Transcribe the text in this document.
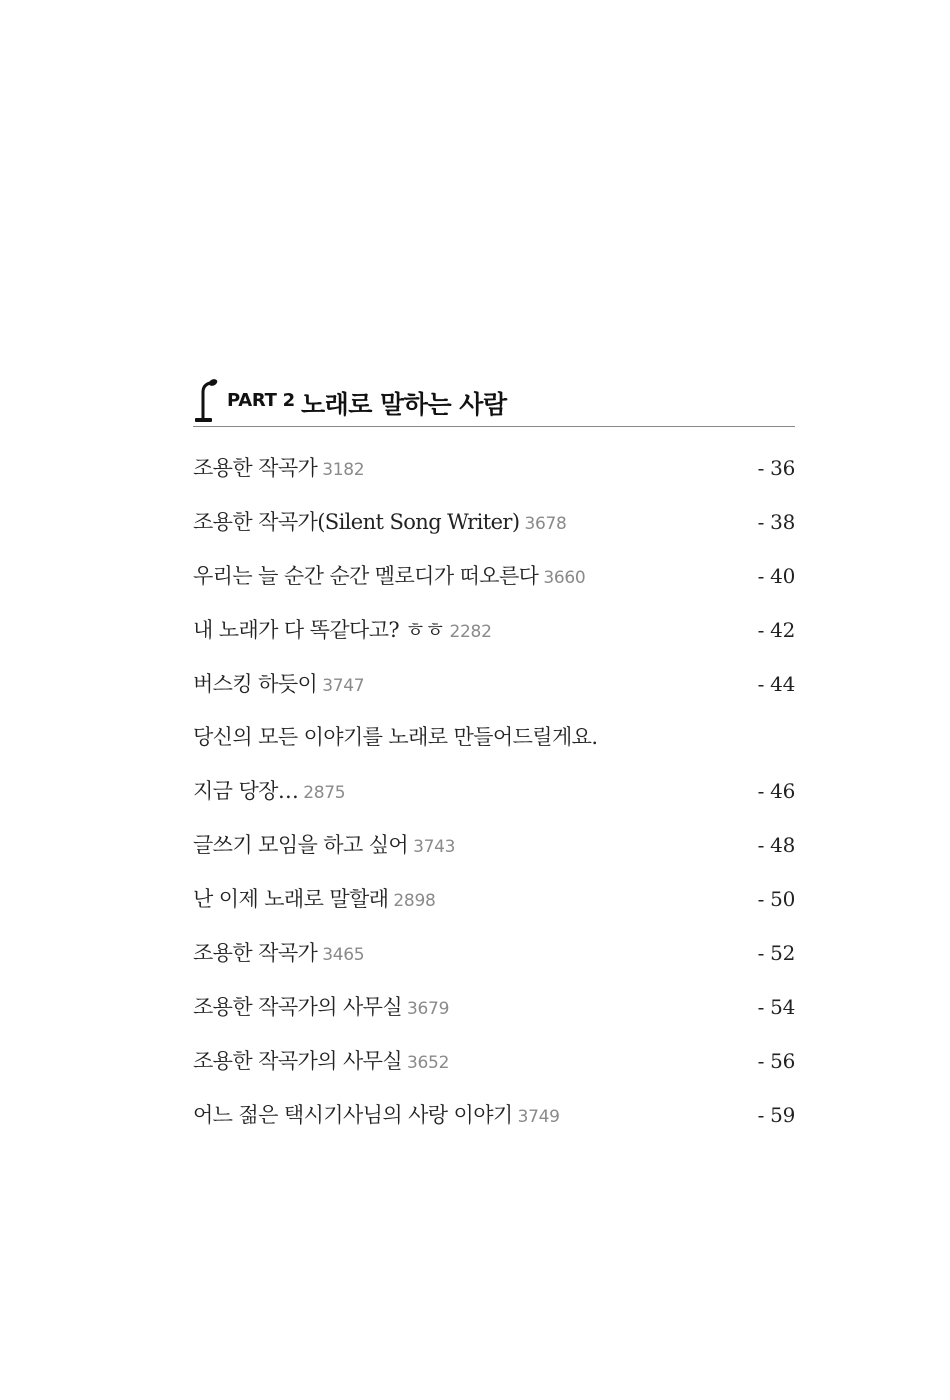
PART 2 노래로 말하는 사람
조용한 작곡가 3182	- 36
조용한 작곡가(Silent Song Writer) 3678	- 38
우리는 늘 순간 순간 멜로디가 떠오른다 3660	- 40
내 노래가 다 똑같다고? ㅎㅎ 2282	- 42
버스킹 하듯이 3747	- 44
당신의 모든 이야기를 노래로 만들어드릴게요.
지금 당장… 2875	- 46
글쓰기 모임을 하고 싶어 3743	- 48
난 이제 노래로 말할래 2898	- 50
조용한 작곡가 3465	- 52
조용한 작곡가의 사무실 3679	- 54
조용한 작곡가의 사무실 3652	- 56
어느 젊은 택시기사님의 사랑 이야기 3749	- 59
